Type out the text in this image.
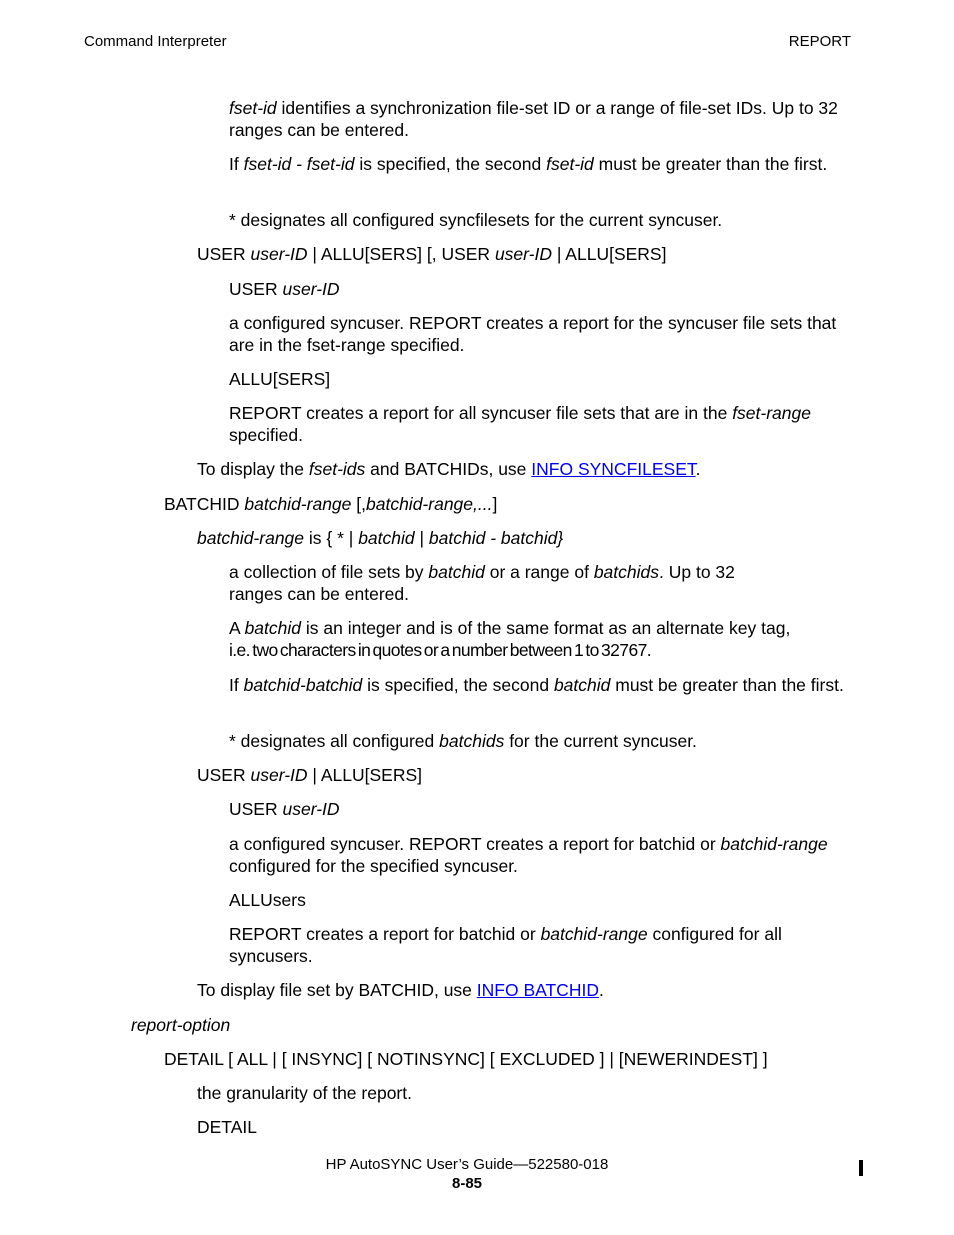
Command Interpreter	REPORT

fset-id identifies a synchronization file-set ID or a range of file-set IDs. Up to 32 ranges can be entered.

If fset-id - fset-id is specified, the second fset-id must be greater than the first.

* designates all configured syncfilesets for the current syncuser.

USER user-ID | ALLU[SERS] [, USER user-ID | ALLU[SERS]

USER user-ID

a configured syncuser. REPORT creates a report for the syncuser file sets that are in the fset-range specified.

ALLU[SERS]

REPORT creates a report for all syncuser file sets that are in the fset-range specified.

To display the fset-ids and BATCHIDs, use INFO SYNCFILESET.

BATCHID batchid-range [,batchid-range,...]

batchid-range is { * | batchid | batchid - batchid}

a collection of file sets by batchid or a range of batchids. Up to 32 ranges can be entered.

A batchid is an integer and is of the same format as an alternate key tag,
i.e. two characters in quotes or a number between 1 to 32767.

If batchid-batchid is specified, the second batchid must be greater than the first.

* designates all configured batchids for the current syncuser.

USER user-ID | ALLU[SERS]

USER user-ID

a configured syncuser. REPORT creates a report for batchid or batchid-range configured for the specified syncuser.

ALLUsers

REPORT creates a report for batchid or batchid-range configured for all syncusers.

To display file set by BATCHID, use INFO BATCHID.

report-option

DETAIL [ ALL | [ INSYNC] [ NOTINSYNC] [ EXCLUDED ] | [NEWERINDEST] ]

the granularity of the report.

DETAIL

HP AutoSYNC User’s Guide—522580-018
8-85
